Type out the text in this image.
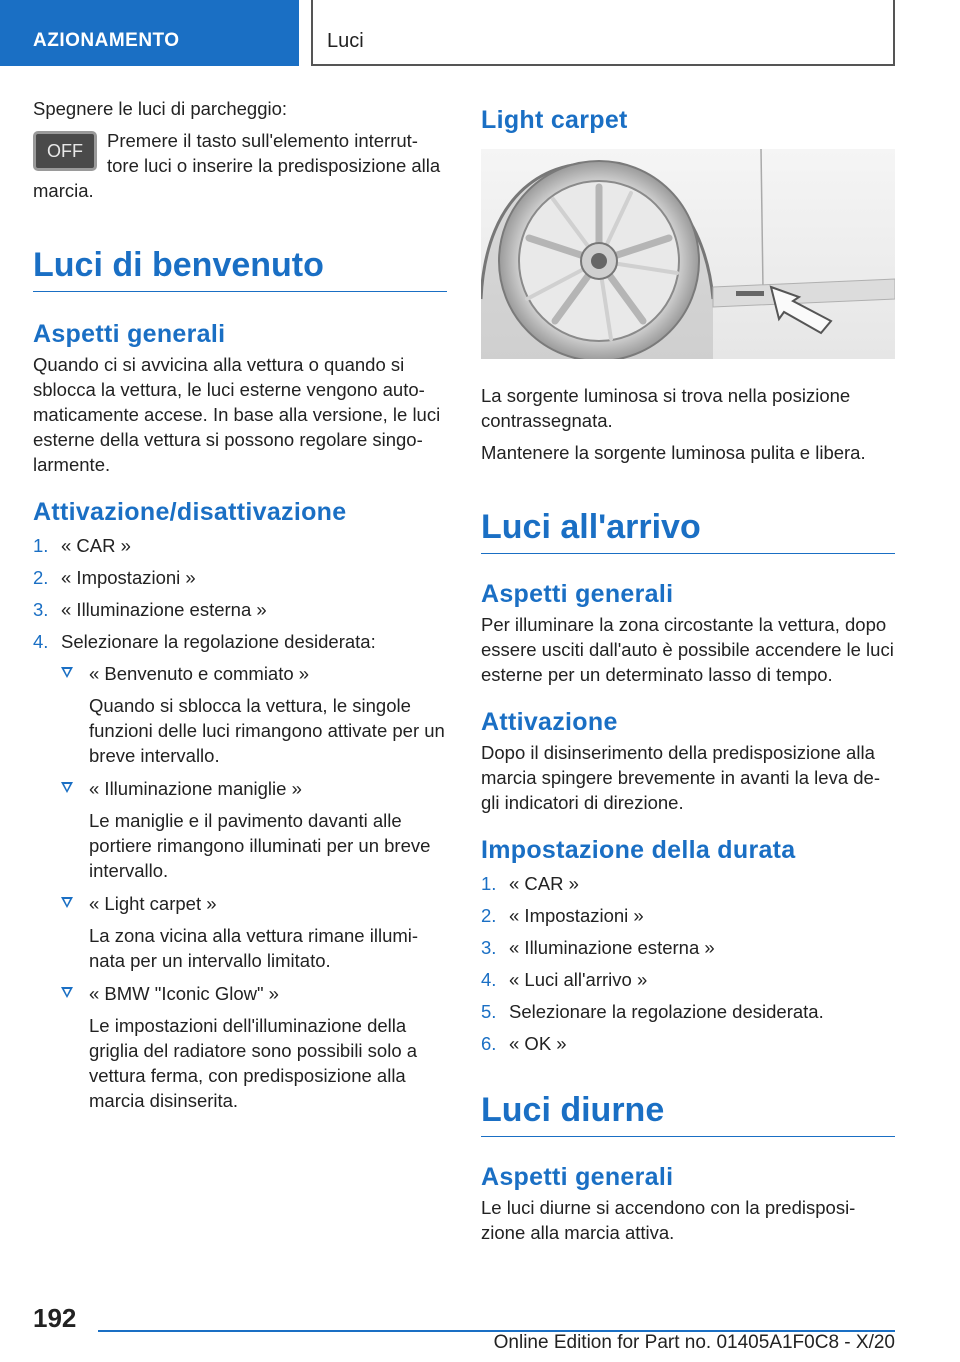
AZIONAMENTO	Luci

Spegnere le luci di parcheggio:

OFF	Premere il tasto sull'elemento interrut-tore luci o inserire la predisposizione alla marcia.

Luci di benvenuto
Aspetti generali

Quando ci si avvicina alla vettura o quando si sblocca la vettura, le luci esterne vengono auto-maticamente accese. In base alla versione, le luci esterne della vettura si possono regolare singo-larmente.

Attivazione/disattivazione
1. « CAR »
2. « Impostazioni »
3. « Illuminazione esterna »
4. Selezionare la regolazione desiderata:
« Benvenuto e commiato »
Quando si sblocca la vettura, le singole funzioni delle luci rimangono attivate per un breve intervallo.
« Illuminazione maniglie »
Le maniglie e il pavimento davanti alle portiere rimangono illuminati per un breve intervallo.
« Light carpet »
La zona vicina alla vettura rimane illumi-nata per un intervallo limitato.
« BMW "Iconic Glow" »
Le impostazioni dell'illuminazione della griglia del radiatore sono possibili solo a vettura ferma, con predisposizione alla marcia disinserita.
Light carpet

La sorgente luminosa si trova nella posizione contrassegnata.

Mantenere la sorgente luminosa pulita e libera.

Luci all'arrivo
Aspetti generali

Per illuminare la zona circostante la vettura, dopo essere usciti dall'auto è possibile accendere le luci esterne per un determinato lasso di tempo.

Attivazione

Dopo il disinserimento della predisposizione alla marcia spingere brevemente in avanti la leva de-gli indicatori di direzione.

Impostazione della durata
1. « CAR »
2. « Impostazioni »
3. « Illuminazione esterna »
4. « Luci all'arrivo »
5. Selezionare la regolazione desiderata.
6. « OK »
Luci diurne
Aspetti generali

Le luci diurne si accendono con la predisposi-zione alla marcia attiva.

192
Online Edition for Part no. 01405A1F0C8 - X/20
